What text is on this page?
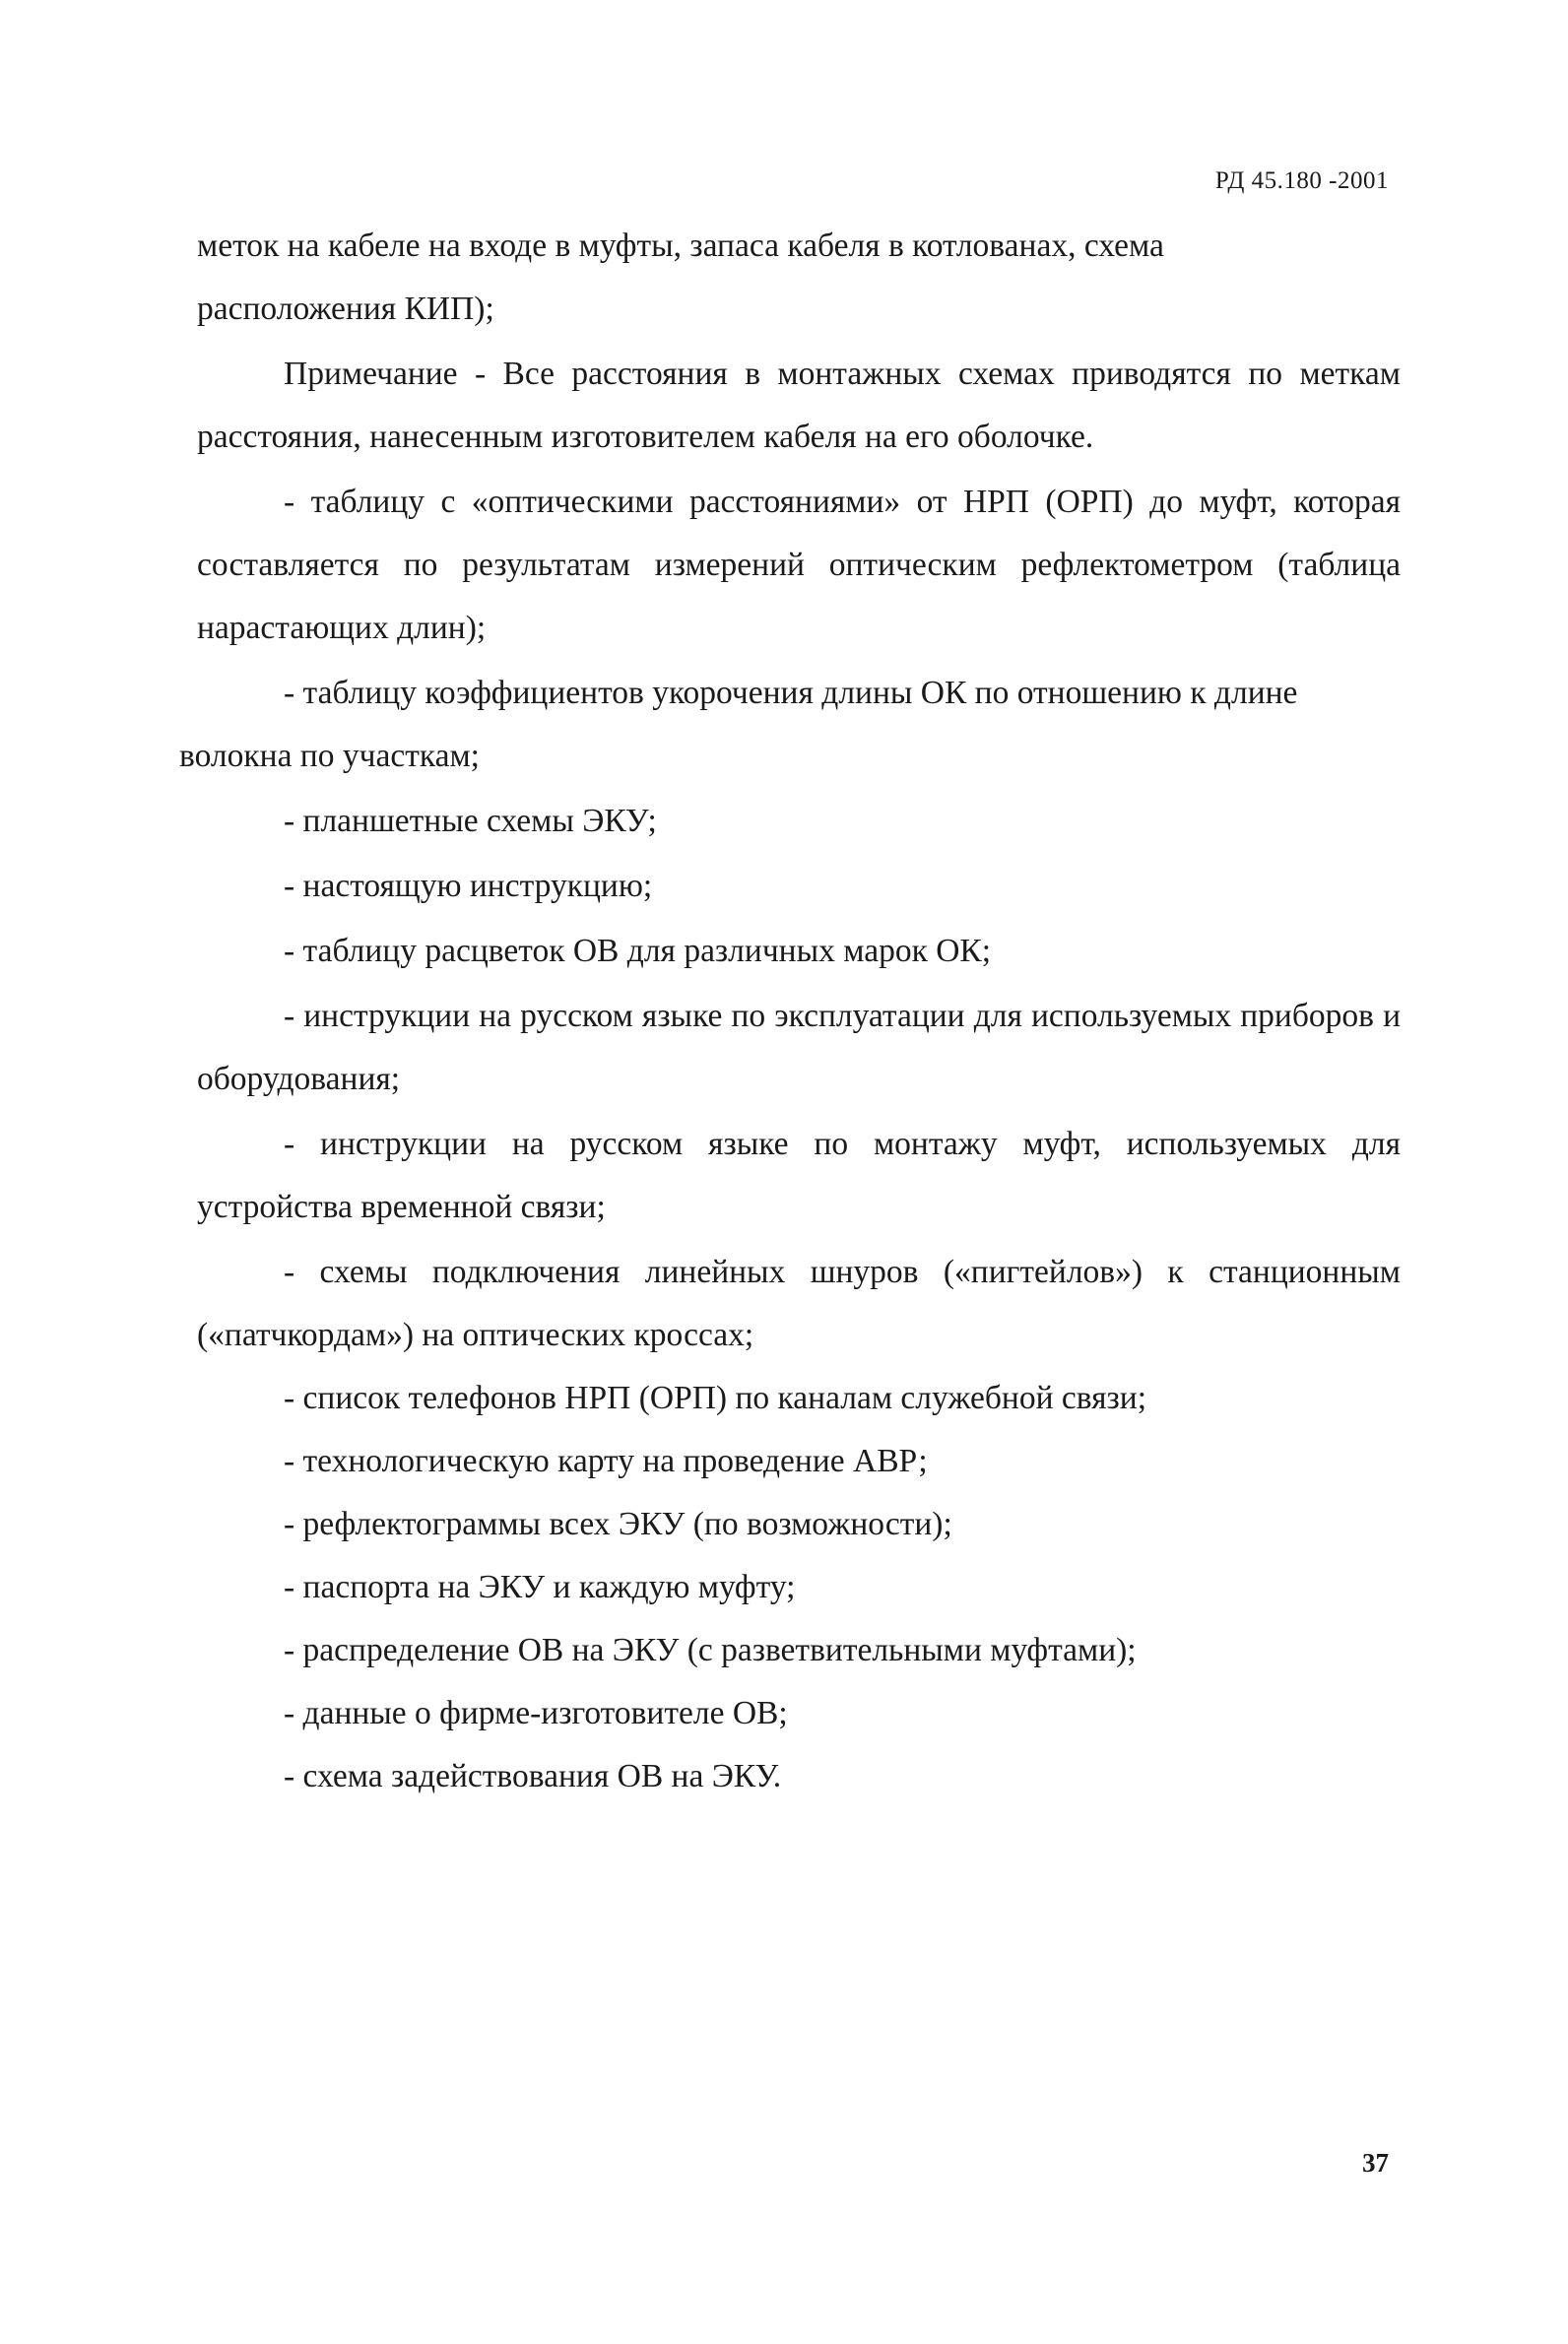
РД 45.180 -2001

меток на кабеле на входе в муфты, запаса кабеля в котлованах, схема

расположения КИП);

Примечание - Все расстояния в монтажных схемах приводятся по меткам расстояния, нанесенным изготовителем кабеля на его оболочке.

- таблицу с «оптическими расстояниями» от НРП (ОРП) до муфт, которая составляется по результатам измерений оптическим рефлектометром (таблица нарастающих длин);

- таблицу коэффициентов укорочения длины ОК по отношению к длине

волокна по участкам;

- планшетные схемы ЭКУ;

- настоящую инструкцию;

- таблицу расцветок ОВ для различных марок ОК;

- инструкции на русском языке по эксплуатации для используемых приборов и оборудования;

- инструкции на русском языке по монтажу муфт, используемых для устройства временной связи;

- схемы подключения линейных шнуров («пигтейлов») к станционным («патчкордам») на оптических кроссах;

- список телефонов НРП (ОРП) по каналам служебной связи;

- технологическую карту на проведение АВР;

- рефлектограммы всех ЭКУ (по возможности);

- паспорта на ЭКУ и каждую муфту;

- распределение ОВ на ЭКУ (с разветвительными муфтами);

- данные о фирме-изготовителе ОВ;

- схема задействования ОВ на ЭКУ.

37
